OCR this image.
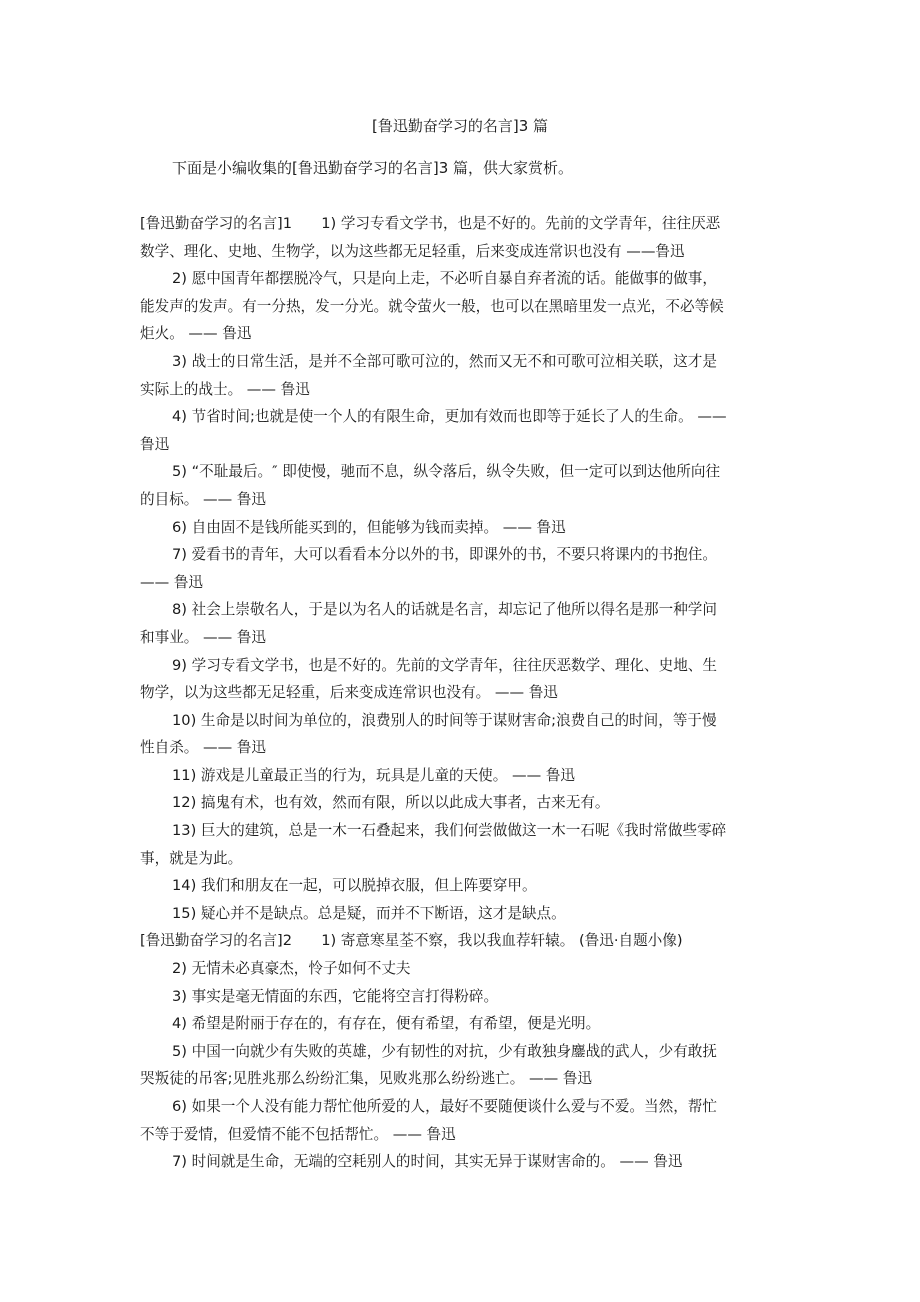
[鲁迅勤奋学习的名言]3 篇
下面是小编收集的[鲁迅勤奋学习的名言]3 篇，供大家赏析。
[鲁迅勤奋学习的名言]1　　1) 学习专看文学书，也是不好的。先前的文学青年，往往厌恶
数学、理化、史地、生物学，以为这些都无足轻重，后来变成连常识也没有 ——鲁迅
2) 愿中国青年都摆脱冷气，只是向上走，不必听自暴自弃者流的话。能做事的做事，
能发声的发声。有一分热，发一分光。就令萤火一般，也可以在黑暗里发一点光，不必等候
炬火。 —— 鲁迅
3) 战士的日常生活，是并不全部可歌可泣的，然而又无不和可歌可泣相关联，这才是
实际上的战士。 —— 鲁迅
4) 节省时间;也就是使一个人的有限生命，更加有效而也即等于延长了人的生命。 ——
鲁迅
5) “不耻最后。″ 即使慢，驰而不息，纵令落后，纵令失败，但一定可以到达他所向往
的目标。 —— 鲁迅
6) 自由固不是钱所能买到的，但能够为钱而卖掉。 —— 鲁迅
7) 爱看书的青年，大可以看看本分以外的书，即课外的书，不要只将课内的书抱住。
—— 鲁迅
8) 社会上崇敬名人，于是以为名人的话就是名言，却忘记了他所以得名是那一种学问
和事业。 —— 鲁迅
9) 学习专看文学书，也是不好的。先前的文学青年，往往厌恶数学、理化、史地、生
物学，以为这些都无足轻重，后来变成连常识也没有。 —— 鲁迅
10) 生命是以时间为单位的，浪费别人的时间等于谋财害命;浪费自己的时间，等于慢
性自杀。 —— 鲁迅
11) 游戏是儿童最正当的行为，玩具是儿童的天使。 —— 鲁迅
12) 搞鬼有术，也有效，然而有限，所以以此成大事者，古来无有。
13) 巨大的建筑，总是一木一石叠起来，我们何尝做做这一木一石呢《我时常做些零碎
事，就是为此。
14) 我们和朋友在一起，可以脱掉衣服，但上阵要穿甲。
15) 疑心并不是缺点。总是疑，而并不下断语，这才是缺点。
[鲁迅勤奋学习的名言]2　　1) 寄意寒星荃不察，我以我血荐轩辕。 (鲁迅·自题小像)
2) 无情未必真豪杰，怜子如何不丈夫
3) 事实是毫无情面的东西，它能将空言打得粉碎。
4) 希望是附丽于存在的，有存在，便有希望，有希望，便是光明。
5) 中国一向就少有失败的英雄，少有韧性的对抗，少有敢独身鏖战的武人，少有敢抚
哭叛徒的吊客;见胜兆那么纷纷汇集，见败兆那么纷纷逃亡。 —— 鲁迅
6) 如果一个人没有能力帮忙他所爱的人，最好不要随便谈什么爱与不爱。当然，帮忙
不等于爱情，但爱情不能不包括帮忙。 —— 鲁迅
7) 时间就是生命，无端的空耗别人的时间，其实无异于谋财害命的。 —— 鲁迅
